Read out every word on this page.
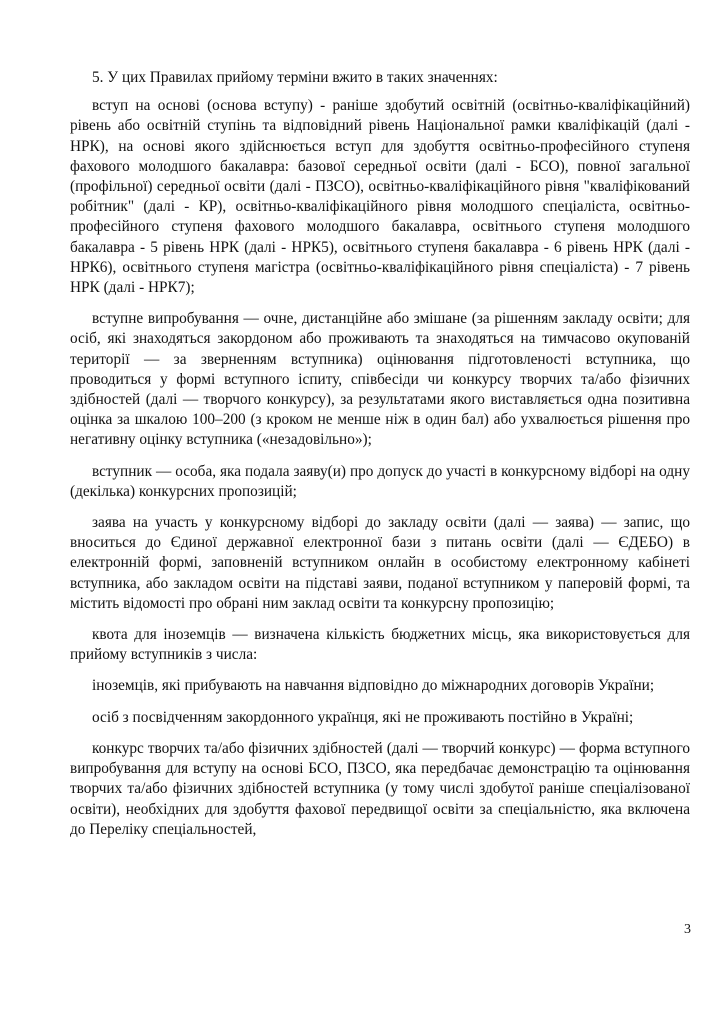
5. У цих Правилах прийому терміни вжито в таких значеннях:

вступ на основі (основа вступу) - раніше здобутий освітній (освітньо-кваліфікаційний) рівень або освітній ступінь та відповідний рівень Національної рамки кваліфікацій (далі - НРК), на основі якого здійснюється вступ для здобуття освітньо-професійного ступеня фахового молодшого бакалавра: базової середньої освіти (далі - БСО), повної загальної (профільної) середньої освіти (далі - ПЗСО), освітньо-кваліфікаційного рівня "кваліфікований робітник" (далі - КР), освітньо-кваліфікаційного рівня молодшого спеціаліста, освітньо-професійного ступеня фахового молодшого бакалавра, освітнього ступеня молодшого бакалавра - 5 рівень НРК (далі - НРК5), освітнього ступеня бакалавра - 6 рівень НРК (далі - НРК6), освітнього ступеня магістра (освітньо-кваліфікаційного рівня спеціаліста) - 7 рівень НРК (далі - НРК7);

вступне випробування — очне, дистанційне або змішане (за рішенням закладу освіти; для осіб, які знаходяться закордоном або проживають та знаходяться на тимчасово окупованій території — за зверненням вступника) оцінювання підготовленості вступника, що проводиться у формі вступного іспиту, співбесіди чи конкурсу творчих та/або фізичних здібностей (далі — творчого конкурсу), за результатами якого виставляється одна позитивна оцінка за шкалою 100–200 (з кроком не менше ніж в один бал) або ухвалюється рішення про негативну оцінку вступника («незадовільно»);

вступник — особа, яка подала заяву(и) про допуск до участі в конкурсному відборі на одну (декілька) конкурсних пропозицій;

заява на участь у конкурсному відборі до закладу освіти (далі — заява) — запис, що вноситься до Єдиної державної електронної бази з питань освіти (далі — ЄДЕБО) в електронній формі, заповненій вступником онлайн в особистому електронному кабінеті вступника, або закладом освіти на підставі заяви, поданої вступником у паперовій формі, та містить відомості про обрані ним заклад освіти та конкурсну пропозицію;

квота для іноземців — визначена кількість бюджетних місць, яка використовується для прийому вступників з числа:

іноземців, які прибувають на навчання відповідно до міжнародних договорів України;

осіб з посвідченням закордонного українця, які не проживають постійно в Україні;

конкурс творчих та/або фізичних здібностей (далі — творчий конкурс) — форма вступного випробування для вступу на основі БСО, ПЗСО, яка передбачає демонстрацію та оцінювання творчих та/або фізичних здібностей вступника (у тому числі здобутої раніше спеціалізованої освіти), необхідних для здобуття фахової передвищої освіти за спеціальністю, яка включена до Переліку спеціальностей,

3
